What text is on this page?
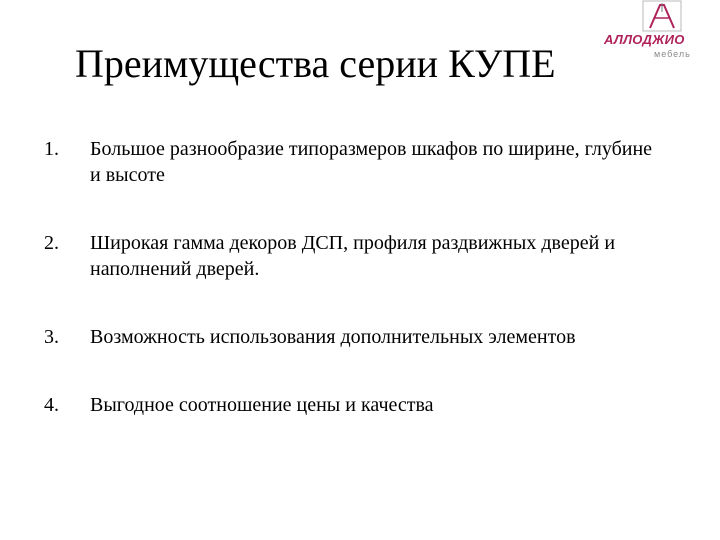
Преимущества серии КУПЕ
АЛЛОДЖИО
мебель
1.	Большое разнообразие типоразмеров шкафов по ширине, глубине и высоте
2.	Широкая гамма декоров ДСП, профиля раздвижных дверей и наполнений дверей.
3.	Возможность использования дополнительных элементов
4.	Выгодное соотношение цены и качества
